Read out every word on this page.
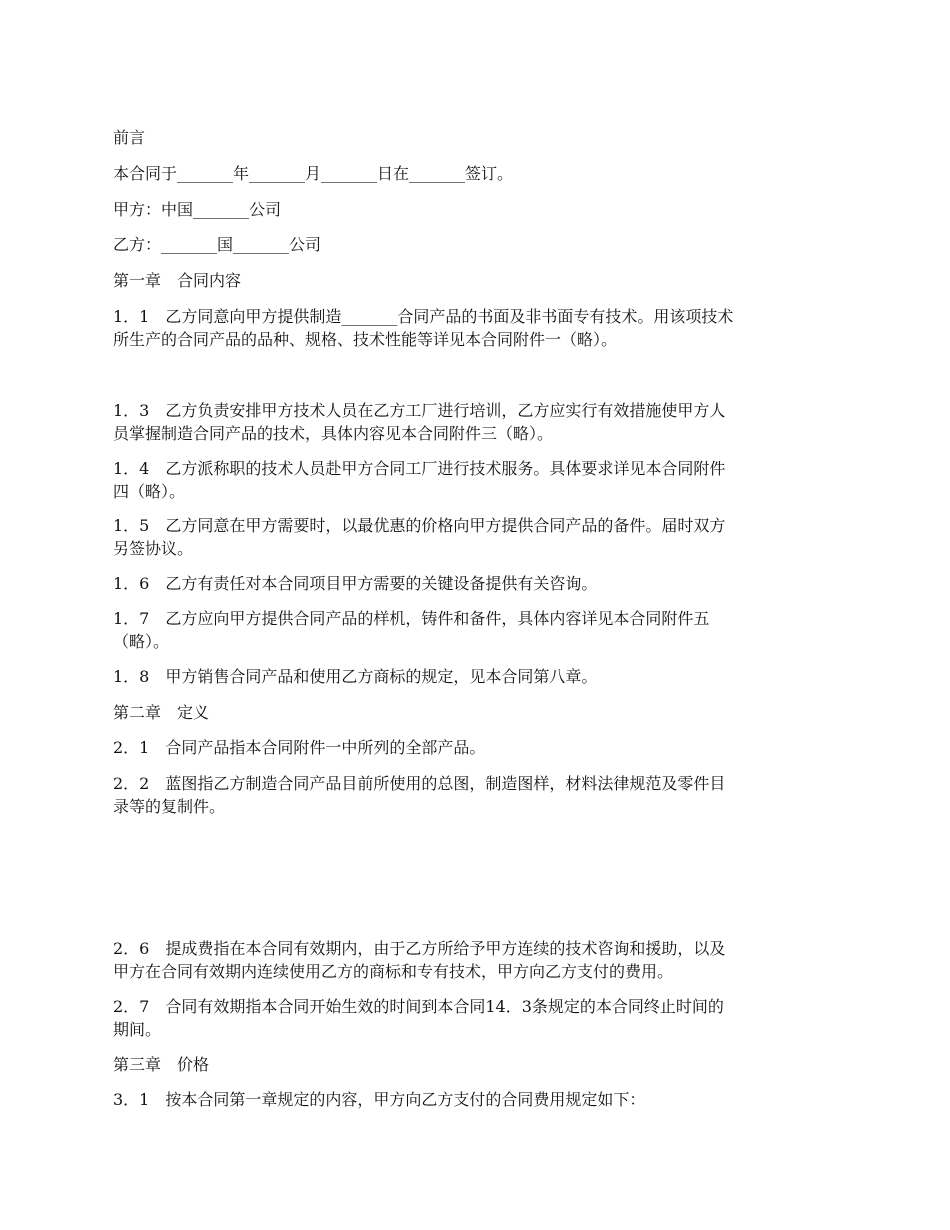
前言
本合同于_______年_______月_______日在_______签订。
甲方：中国_______公司
乙方：_______国_______公司
第一章　合同内容
1．1　乙方同意向甲方提供制造_______合同产品的书面及非书面专有技术。用该项技术
所生产的合同产品的品种、规格、技术性能等详见本合同附件一（略）。
1．3　乙方负责安排甲方技术人员在乙方工厂进行培训，乙方应实行有效措施使甲方人
员掌握制造合同产品的技术，具体内容见本合同附件三（略）。
1．4　乙方派称职的技术人员赴甲方合同工厂进行技术服务。具体要求详见本合同附件
四（略）。
1．5　乙方同意在甲方需要时，以最优惠的价格向甲方提供合同产品的备件。届时双方
另签协议。
1．6　乙方有责任对本合同项目甲方需要的关键设备提供有关咨询。
1．7　乙方应向甲方提供合同产品的样机，铸件和备件，具体内容详见本合同附件五
（略）。
1．8　甲方销售合同产品和使用乙方商标的规定，见本合同第八章。
第二章　定义
2．1　合同产品指本合同附件一中所列的全部产品。
2．2　蓝图指乙方制造合同产品目前所使用的总图，制造图样，材料法律规范及零件目
录等的复制件。
2．6　提成费指在本合同有效期内，由于乙方所给予甲方连续的技术咨询和援助，以及
甲方在合同有效期内连续使用乙方的商标和专有技术，甲方向乙方支付的费用。
2．7　合同有效期指本合同开始生效的时间到本合同14．3条规定的本合同终止时间的
期间。
第三章　价格
3．1　按本合同第一章规定的内容，甲方向乙方支付的合同费用规定如下：
